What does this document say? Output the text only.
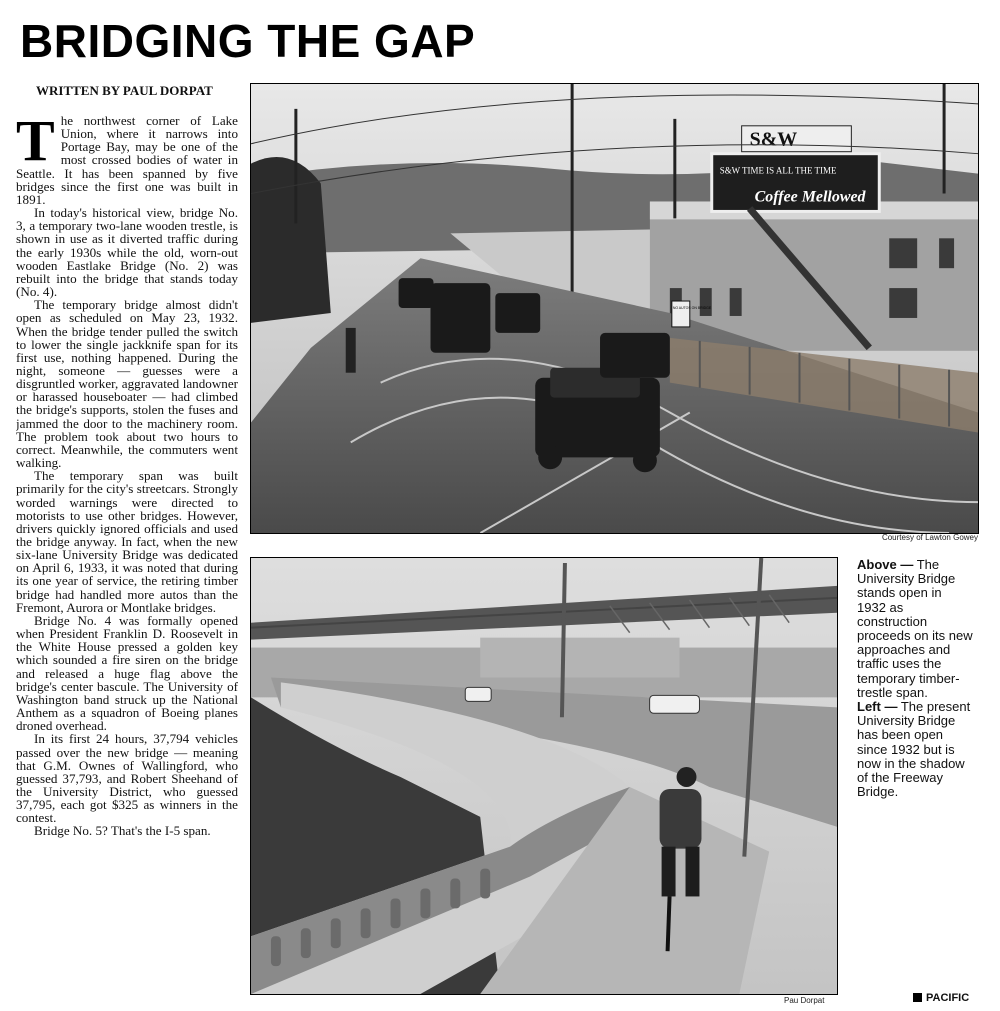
BRIDGING THE GAP
WRITTEN BY PAUL DORPAT

The northwest corner of Lake Union, where it narrows into Portage Bay, may be one of the most crossed bodies of water in Seattle. It has been spanned by five bridges since the first one was built in 1891.

In today's historical view, bridge No. 3, a temporary two-lane wooden trestle, is shown in use as it diverted traffic during the early 1930s while the old, worn-out wooden Eastlake Bridge (No. 2) was rebuilt into the bridge that stands today (No. 4).

The temporary bridge almost didn't open as scheduled on May 23, 1932. When the bridge tender pulled the switch to lower the single jackknife span for its first use, nothing happened. During the night, someone — guesses were a disgruntled worker, aggravated landowner or harassed houseboater — had climbed the bridge's supports, stolen the fuses and jammed the door to the machinery room. The problem took about two hours to correct. Meanwhile, the commuters went walking.

The temporary span was built primarily for the city's streetcars. Strongly worded warnings were directed to motorists to use other bridges. However, drivers quickly ignored officials and used the bridge anyway. In fact, when the new six-lane University Bridge was dedicated on April 6, 1933, it was noted that during its one year of service, the retiring timber bridge had handled more autos than the Fremont, Aurora or Montlake bridges.

Bridge No. 4 was formally opened when President Franklin D. Roosevelt in the White House pressed a golden key which sounded a fire siren on the bridge and released a huge flag above the bridge's center bascule. The University of Washington band struck up the National Anthem as a squadron of Boeing planes droned overhead.

In its first 24 hours, 37,794 vehicles passed over the new bridge — meaning that G.M. Ownes of Wallingford, who guessed 37,793, and Robert Sheehand of the University District, who guessed 37,795, each got $325 as winners in the contest.

Bridge No. 5? That's the I-5 span.

S&W TIME IS ALL THE TIME
Coffee Mellowed
S&W
NO AUTOS ON BRIDGE
Courtesy of Lawton Gowey
Pau Dorpat
Above — The University Bridge stands open in 1932 as construction proceeds on its new approaches and traffic uses the temporary timber-trestle span.
Left — The present University Bridge has been open since 1932 but is now in the shadow of the Freeway Bridge.
PACIFIC
